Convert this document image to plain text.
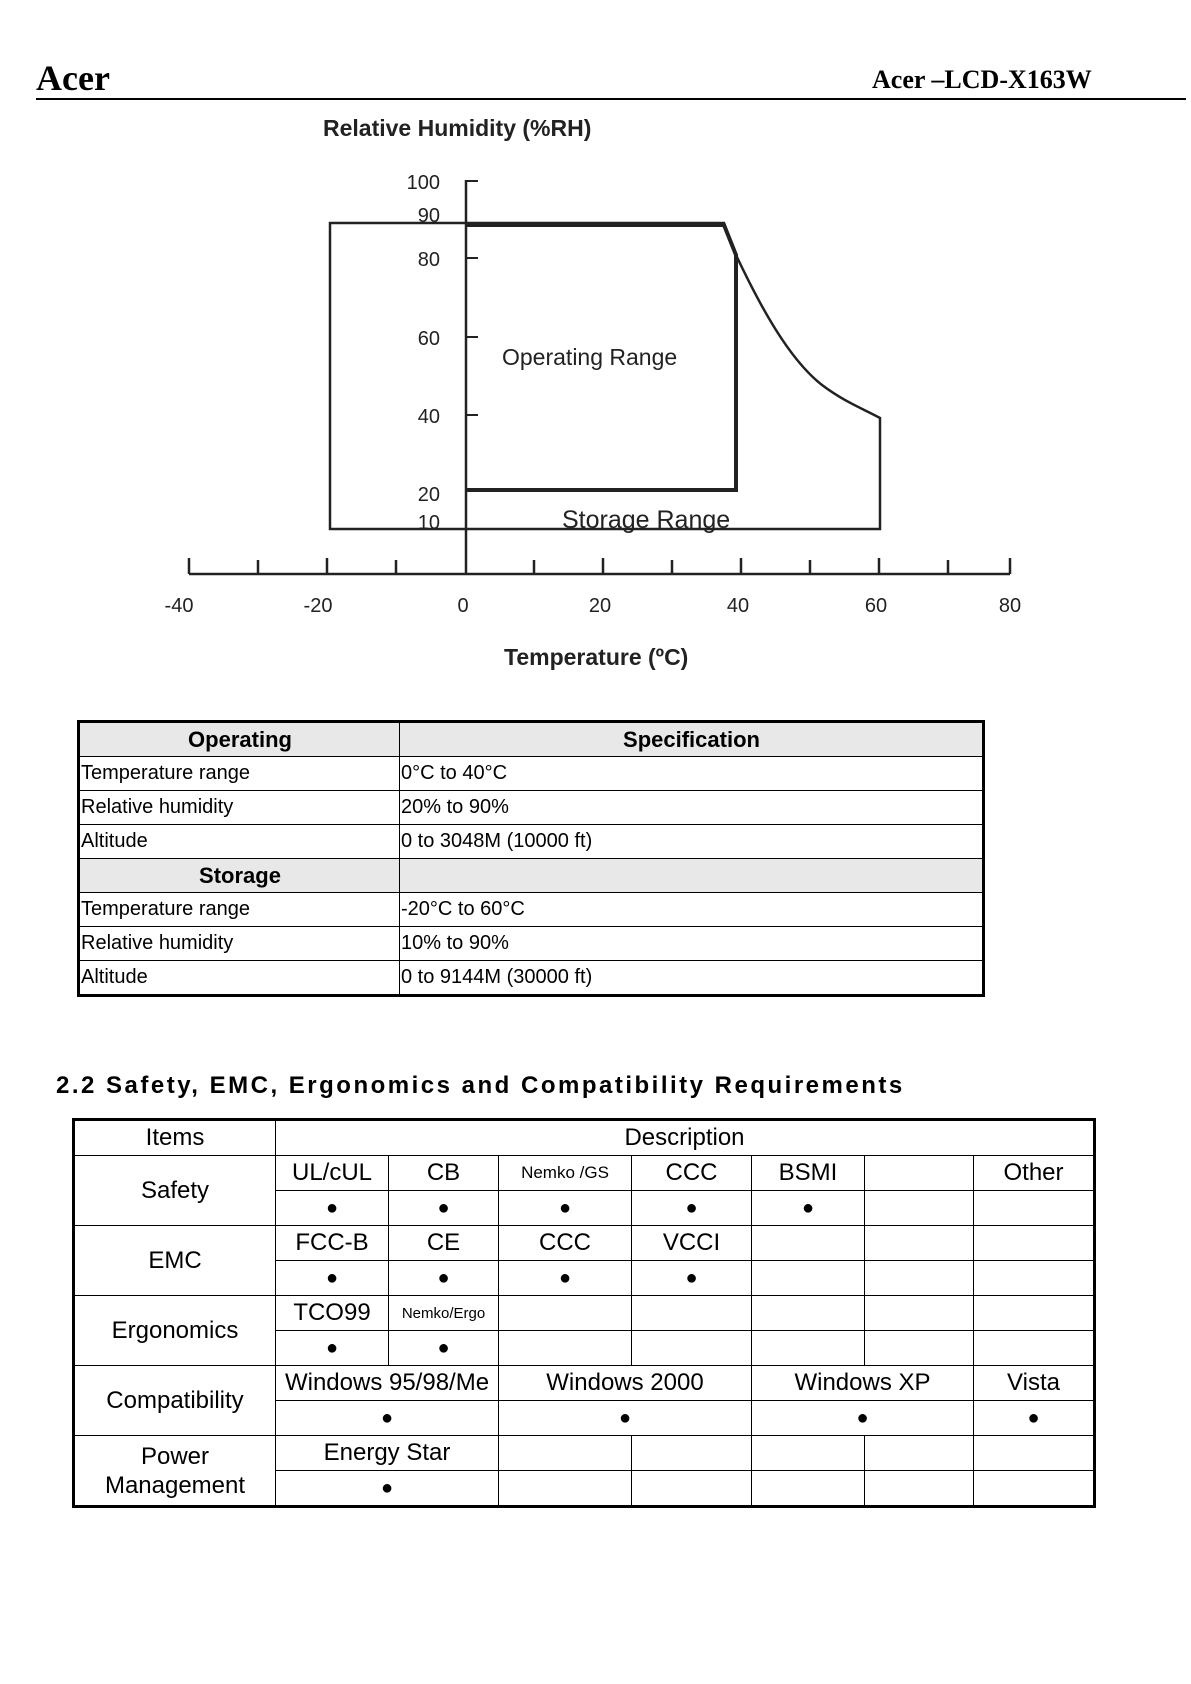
Acer	Acer –LCD-X163W
Relative Humidity (%RH)
Temperature (ºC)
100
90
80
60
40
20
10
-40	-20	0	20	40	60	80
Operating Range
Storage Range
Operating	Specification
Temperature range	0°C to 40°C
Relative humidity	20% to 90%
Altitude	0 to 3048M (10000 ft)
Storage	
Temperature range	-20°C to 60°C
Relative humidity	10% to 90%
Altitude	0 to 9144M (30000 ft)
2.2 Safety, EMC, Ergonomics and Compatibility Requirements
Items	Description						
Safety	UL/cUL	CB	Nemko /GS	CCC	BSMI		Other
	●	●	●	●	●		
EMC	FCC-B	CE	CCC	VCCI			
	●	●	●	●			
Ergonomics	TCO99	Nemko/Ergo					
	●	●					
Compatibility	Windows 95/98/Me		Windows 2000		Windows XP		Vista
	●		●		●		●
Power Management	Energy Star						
	●						
